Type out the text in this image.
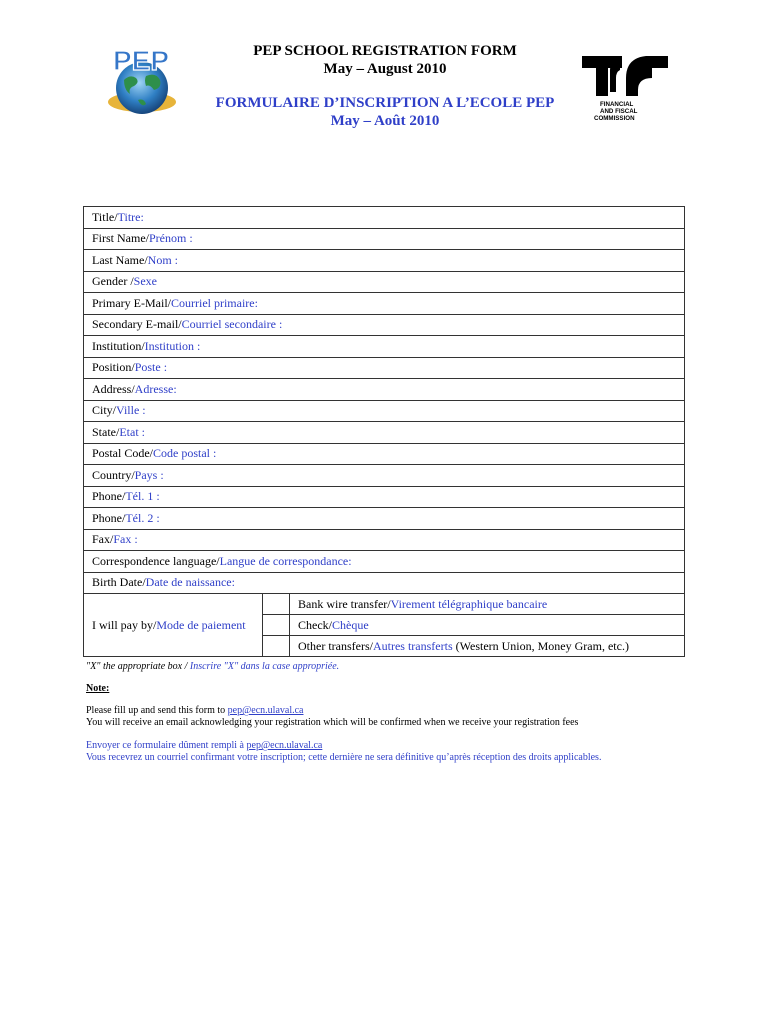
PEP
FINANCIAL
AND FISCAL
COMMISSION
PEP SCHOOL REGISTRATION FORM
May – August 2010
FORMULAIRE D’INSCRIPTION A L’ECOLE PEP
May – Août 2010
Title/Titre:		
First Name/Prénom :		
Last Name/Nom :		
Gender /Sexe		
Primary E-Mail/Courriel primaire:		
Secondary E-mail/Courriel secondaire :		
Institution/Institution :		
Position/Poste :		
Address/Adresse:		
City/Ville :		
State/Etat :		
Postal Code/Code postal :		
Country/Pays :		
Phone/Tél. 1 :		
Phone/Tél. 2 :		
Fax/Fax :		
Correspondence language/Langue de correspondance:		
Birth Date/Date de naissance:		
I will pay by/Mode de paiement		Bank wire transfer/Virement télégraphique bancaire
		Check/Chèque
		Other transfers/Autres transferts (Western Union, Money Gram, etc.)
"X" the appropriate box / Inscrire "X" dans la case appropriée.
Note:
Please fill up and send this form to pep@ecn.ulaval.ca
You will receive an email acknowledging your registration which will be confirmed when we receive your registration fees
Envoyer ce formulaire dûment rempli à pep@ecn.ulaval.ca
Vous recevrez un courriel confirmant votre inscription; cette dernière ne sera définitive qu’après réception des droits applicables.
